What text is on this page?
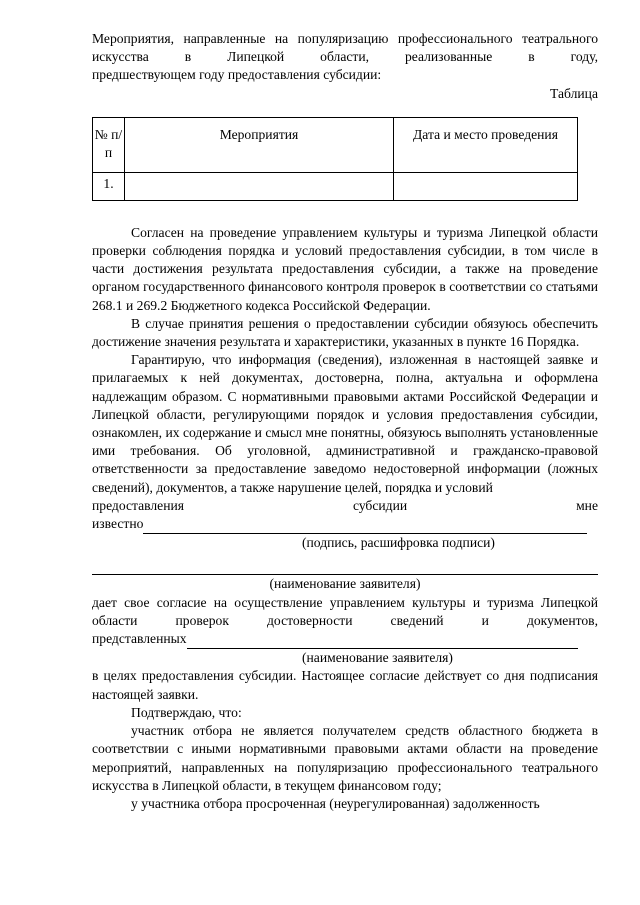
Мероприятия, направленные на популяризацию профессионального театрального искусства в Липецкой области, реализованные в году,

предшествующем году предоставления субсидии:

Таблица

№ п/п	Мероприятия	Дата и место проведения
1.		

Согласен на проведение управлением культуры и туризма Липецкой области проверки соблюдения порядка и условий предоставления субсидии, в том числе в части достижения результата предоставления субсидии, а также на проведение органом государственного финансового контроля проверок в соответствии со статьями 268.1 и 269.2 Бюджетного кодекса Российской Федерации.

В случае принятия решения о предоставлении субсидии обязуюсь обеспечить достижение значения результата и характеристики, указанных в пункте 16 Порядка.

Гарантирую, что информация (сведения), изложенная в настоящей заявке и прилагаемых к ней документах, достоверна, полна, актуальна и оформлена надлежащим образом. С нормативными правовыми актами Российской Федерации и Липецкой области, регулирующими порядок и условия предоставления субсидии, ознакомлен, их содержание и смысл мне понятны, обязуюсь выполнять установленные ими требования. Об уголовной, административной и гражданско-правовой ответственности за предоставление заведомо недостоверной информации (ложных сведений), документов, а также нарушение целей, порядка и условий

предоставления субсидии мне

известно

(подпись, расшифровка подписи)

(наименование заявителя)

дает свое согласие на осуществление управлением культуры и туризма Липецкой области проверок достоверности сведений и документов,

представленных

(наименование заявителя)

в целях предоставления субсидии. Настоящее согласие действует со дня подписания настоящей заявки.

Подтверждаю, что:

участник отбора не является получателем средств областного бюджета в соответствии с иными нормативными правовыми актами области на проведение мероприятий, направленных на популяризацию профессионального театрального искусства в Липецкой области, в текущем финансовом году;

у участника отбора просроченная (неурегулированная) задолженность
